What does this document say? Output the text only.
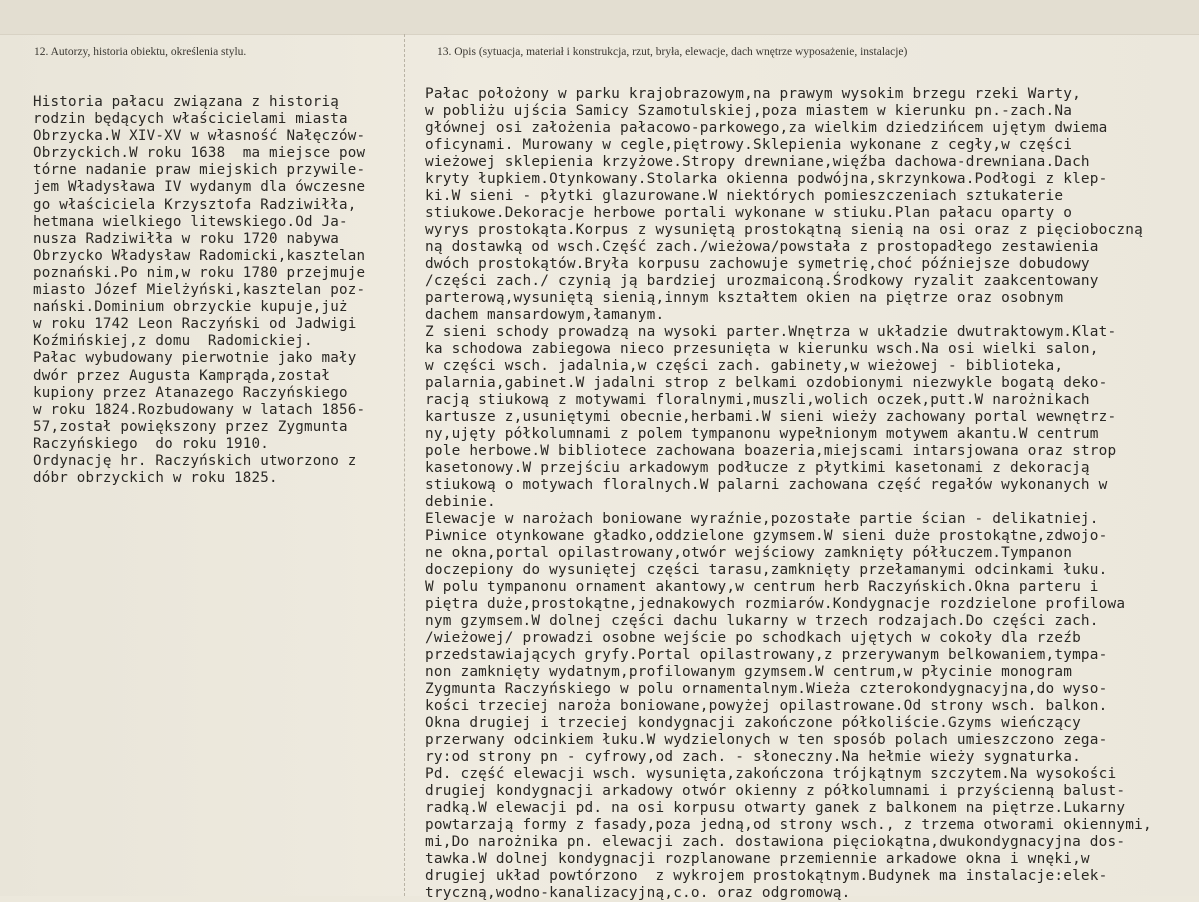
12. Autorzy, historia obiektu, określenia stylu.	13. Opis (sytuacja, materiał i konstrukcja, rzut, bryła, elewacje, dach wnętrze wyposażenie, instalacje)
Historia pałacu związana z historią
rodzin będących właścicielami miasta
Obrzycka.W XIV-XV w własność Nałęczów-
Obrzyckich.W roku 1638  ma miejsce pow
tórne nadanie praw miejskich przywile-
jem Władysława IV wydanym dla ówczesne
go właściciela Krzysztofa Radziwiłła,
hetmana wielkiego litewskiego.Od Ja-
nusza Radziwiłła w roku 1720 nabywa
Obrzycko Władysław Radomicki,kasztelan
poznański.Po nim,w roku 1780 przejmuje
miasto Józef Mielżyński,kasztelan poz-
nański.Dominium obrzyckie kupuje,już
w roku 1742 Leon Raczyński od Jadwigi
Koźmińskiej,z domu  Radomickiej.
Pałac wybudowany pierwotnie jako mały
dwór przez Augusta Kamprąda,został
kupiony przez Atanazego Raczyńskiego
w roku 1824.Rozbudowany w latach 1856-
57,został powiększony przez Zygmunta
Raczyńskiego  do roku 1910.
Ordynację hr. Raczyńskich utworzono z
dóbr obrzyckich w roku 1825.
Pałac położony w parku krajobrazowym,na prawym wysokim brzegu rzeki Warty,
w pobliżu ujścia Samicy Szamotulskiej,poza miastem w kierunku pn.-zach.Na
głównej osi założenia pałacowo-parkowego,za wielkim dziedzińcem ujętym dwiema
oficynami. Murowany w cegle,piętrowy.Sklepienia wykonane z cegły,w części
wieżowej sklepienia krzyżowe.Stropy drewniane,więźba dachowa-drewniana.Dach
kryty łupkiem.Otynkowany.Stolarka okienna podwójna,skrzynkowa.Podłogi z klep-
ki.W sieni - płytki glazurowane.W niektórych pomieszczeniach sztukaterie
stiukowe.Dekoracje herbowe portali wykonane w stiuku.Plan pałacu oparty o
wyrys prostokąta.Korpus z wysuniętą prostokątną sienią na osi oraz z pięcioboczną
ną dostawką od wsch.Część zach./wieżowa/powstała z prostopadłego zestawienia
dwóch prostokątów.Bryła korpusu zachowuje symetrię,choć późniejsze dobudowy
/części zach./ czynią ją bardziej urozmaiconą.Środkowy ryzalit zaakcentowany
parterową,wysuniętą sienią,innym kształtem okien na piętrze oraz osobnym
dachem mansardowym,łamanym.
Z sieni schody prowadzą na wysoki parter.Wnętrza w układzie dwutraktowym.Klat-
ka schodowa zabiegowa nieco przesunięta w kierunku wsch.Na osi wielki salon,
w części wsch. jadalnia,w części zach. gabinety,w wieżowej - biblioteka,
palarnia,gabinet.W jadalni strop z belkami ozdobionymi niezwykle bogatą deko-
racją stiukową z motywami floralnymi,muszli,wolich oczek,putt.W narożnikach
kartusze z,usuniętymi obecnie,herbami.W sieni wieży zachowany portal wewnętrz-
ny,ujęty półkolumnami z polem tympanonu wypełnionym motywem akantu.W centrum
pole herbowe.W bibliotece zachowana boazeria,miejscami intarsjowana oraz strop
kasetonowy.W przejściu arkadowym podłucze z płytkimi kasetonami z dekoracją
stiukową o motywach floralnych.W palarni zachowana część regałów wykonanych w
debinie.
Elewacje w narożach boniowane wyraźnie,pozostałe partie ścian - delikatniej.
Piwnice otynkowane gładko,oddzielone gzymsem.W sieni duże prostokątne,zdwojo-
ne okna,portal opilastrowany,otwór wejściowy zamknięty półłuczem.Tympanon
doczepiony do wysuniętej części tarasu,zamknięty przełamanymi odcinkami łuku.
W polu tympanonu ornament akantowy,w centrum herb Raczyńskich.Okna parteru i
piętra duże,prostokątne,jednakowych rozmiarów.Kondygnacje rozdzielone profilowa
nym gzymsem.W dolnej części dachu lukarny w trzech rodzajach.Do części zach.
/wieżowej/ prowadzi osobne wejście po schodkach ujętych w cokoły dla rzeźb
przedstawiających gryfy.Portal opilastrowany,z przerywanym belkowaniem,tympa-
non zamknięty wydatnym,profilowanym gzymsem.W centrum,w płycinie monogram
Zygmunta Raczyńskiego w polu ornamentalnym.Wieża czterokondygnacyjna,do wyso-
kości trzeciej naroża boniowane,powyżej opilastrowane.Od strony wsch. balkon.
Okna drugiej i trzeciej kondygnacji zakończone półkoliście.Gzyms wieńczący
przerwany odcinkiem łuku.W wydzielonych w ten sposób polach umieszczono zega-
ry:od strony pn - cyfrowy,od zach. - słoneczny.Na hełmie wieży sygnaturka.
Pd. część elewacji wsch. wysunięta,zakończona trójkątnym szczytem.Na wysokości
drugiej kondygnacji arkadowy otwór okienny z półkolumnami i przyścienną balust-
radką.W elewacji pd. na osi korpusu otwarty ganek z balkonem na piętrze.Lukarny
powtarzają formy z fasady,poza jedną,od strony wsch., z trzema otworami okiennymi,
mi,Do narożnika pn. elewacji zach. dostawiona pięciokątna,dwukondygnacyjna dos-
tawka.W dolnej kondygnacji rozplanowane przemiennie arkadowe okna i wnęki,w
drugiej układ powtórzono  z wykrojem prostokątnym.Budynek ma instalacje:elek-
tryczną,wodno-kanalizacyjną,c.o. oraz odgromową.
